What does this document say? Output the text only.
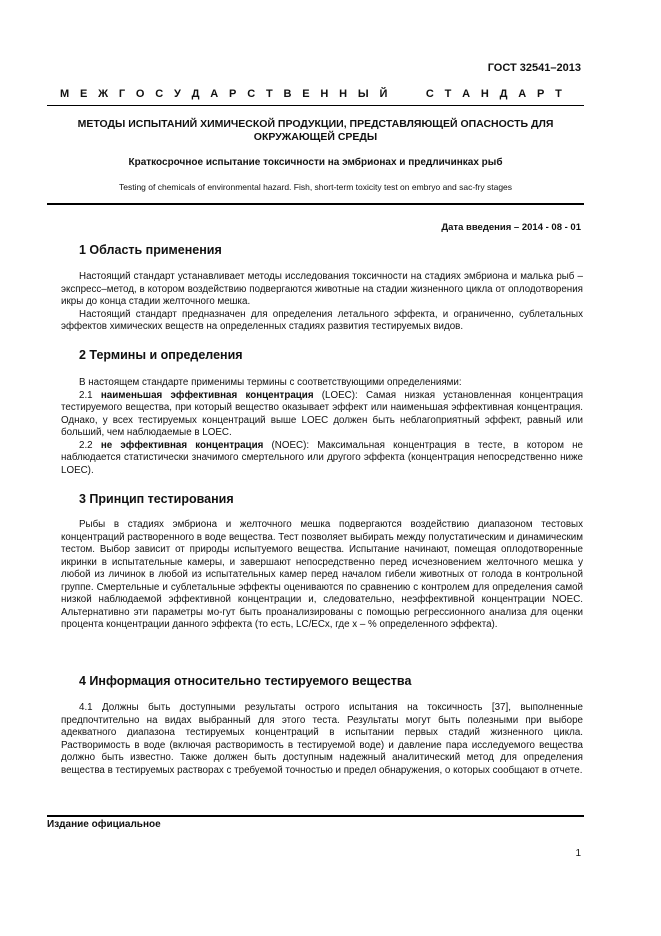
ГОСТ 32541–2013
М Е Ж Г О С У Д А Р С Т В Е Н Н Ы Й

	С Т А Н Д А Р Т
МЕТОДЫ ИСПЫТАНИЙ ХИМИЧЕСКОЙ ПРОДУКЦИИ, ПРЕДСТАВЛЯЮЩЕЙ ОПАСНОСТЬ ДЛЯ
ОКРУЖАЮЩЕЙ СРЕДЫ
Краткосрочное испытание токсичности на эмбрионах и предличинках рыб
Testing of chemicals of environmental hazard. Fish, short-term toxicity test on embryo and sac-fry stages
Дата введения – 2014 - 08 - 01
1 Область применения

Настоящий стандарт устанавливает методы исследования токсичности на стадиях эмбриона и малька рыб – экспресс–метод, в котором воздействию подвергаются животные на стадии жизненного цикла от оплодотворения икры до конца стадии желточного мешка.

Настоящий стандарт предназначен для определения летального эффекта, и ограниченно, сублетальных эффектов химических веществ на определенных стадиях развития тестируемых видов.

2 Термины и определения

В настоящем стандарте применимы термины с соответствующими определениями:

2.1 наименьшая эффективная концентрация (LOEC): Самая низкая установленная концентрация тестируемого вещества, при который вещество оказывает эффект или наименьшая эффективная концентрация. Однако, у всех тестируемых концентраций выше LOEC должен быть неблагоприятный эффект, равный или больший, чем наблюдаемые в LOEC.

2.2 не эффективная концентрация (NOEC): Максимальная концентрация в тесте, в котором не наблюдается статистически значимого смертельного или другого эффекта (концентрация непосредственно ниже LOEC).

3 Принцип тестирования

Рыбы в стадиях эмбриона и желточного мешка подвергаются воздействию диапазоном тестовых концентраций растворенного в воде вещества. Тест позволяет выбирать между полустатическим и динамическим тестом. Выбор зависит от природы испытуемого вещества. Испытание начинают, помещая оплодотворенные икринки в испытательные камеры, и завершают непосредственно перед исчезновением желточного мешка у любой из личинок в любой из испытательных камер перед началом гибели животных от голода в контрольной группе. Смертельные и сублетальные эффекты оцениваются по сравнению с контролем для определения самой низкой наблюдаемой эффективной концентрации и, следовательно, неэффективной концентрации NOEC. Альтернативно эти параметры мо-гут быть проанализированы с помощью регрессионного анализа для оценки процента концентрации данного эффекта (то есть, LC/ECx, где x – % определенного эффекта).

4 Информация относительно тестируемого вещества

4.1 Должны быть доступными результаты острого испытания на токсичность [37], выполненные предпочтительно на видах выбранный для этого теста. Результаты могут быть полезными при выборе адекватного диапазона тестируемых концентраций в испытании первых стадий жизненного цикла. Растворимость в воде (включая растворимость в тестируемой воде) и давление пара исследуемого вещества должно быть известно. Также должен быть доступным надежный аналитический метод для определения вещества в тестируемых растворах с требуемой точностью и предел обнаружения, о которых сообщают в отчете.

Издание официальное
1
